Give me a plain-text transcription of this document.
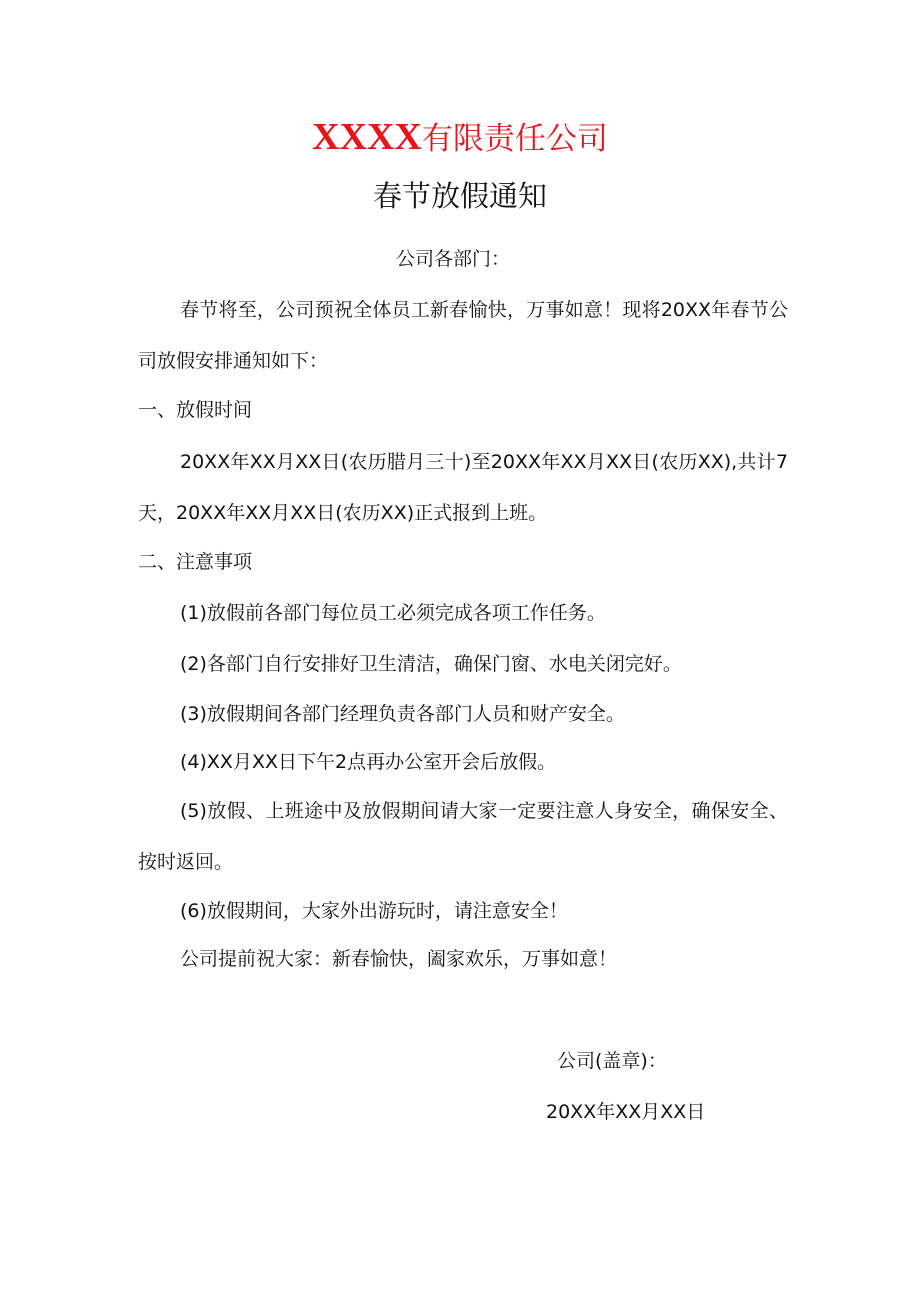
XXXX有限责任公司
春节放假通知
公司各部门：
春节将至，公司预祝全体员工新春愉快，万事如意！现将20XX年春节公司放假安排通知如下：
一、放假时间
20XX年XX月XX日(农历腊月三十)至20XX年XX月XX日(农历XX),共计7天，20XX年XX月XX日(农历XX)正式报到上班。
二、注意事项
(1)放假前各部门每位员工必须完成各项工作任务。
(2)各部门自行安排好卫生清洁，确保门窗、水电关闭完好。
(3)放假期间各部门经理负责各部门人员和财产安全。
(4)XX月XX日下午2点再办公室开会后放假。
(5)放假、上班途中及放假期间请大家一定要注意人身安全，确保安全、按时返回。
(6)放假期间，大家外出游玩时，请注意安全！
公司提前祝大家：新春愉快，阖家欢乐，万事如意！
公司(盖章)：
20XX年XX月XX日
